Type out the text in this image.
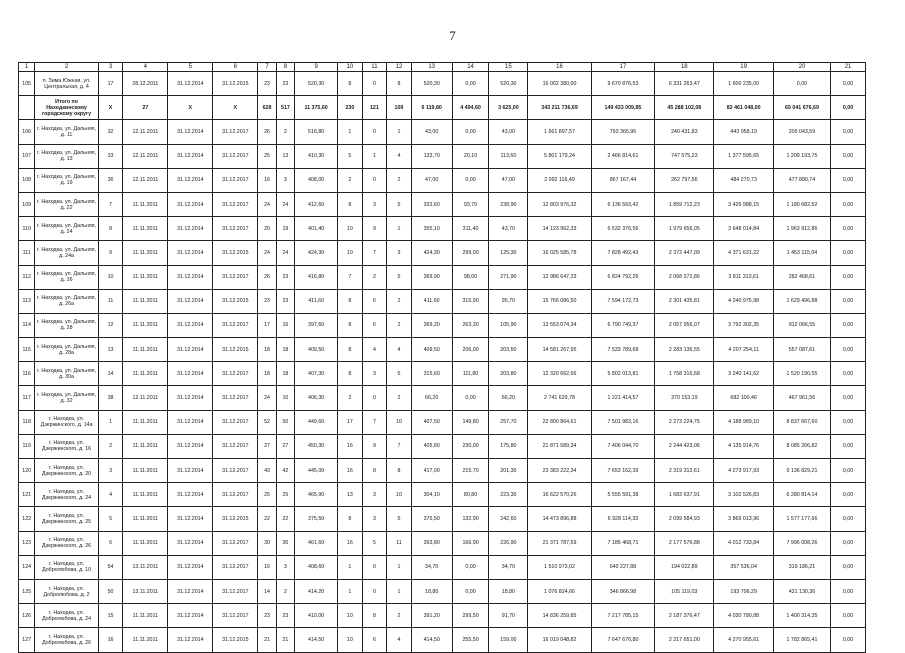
7
1	2	3	4	5	6	7	8	9	10	11	12	13	14	15	16	17	18	19	20	21
105	п. Зима Южная, ул. Центральная, д. 4	17	28.12.2011	31.12.2014	31.12.2015	23	23	520,30	8	0	8	520,30	0,00	520,30	16 002 380,00	9 670 876,53	6 331 263,47	1 600 235,00	0,00	0,00
	Итого по Находкинскому городскому округу	X	27	X	X	628	517	11 375,60	230	121	109	6 119,80	4 494,60	3 625,00	343 211 736,69	149 433 009,85	45 288 102,08	83 461 048,00	65 041 676,69	0,00
106	г. Находка, ул. Дальняя, д. 11	32	12.11.2011	31.12.2014	31.12.2017	26	2	516,80	1	0	1	43,00	0,00	43,00	1 661 897,57	793 365,96	240 431,83	443 058,19	205 043,59	0,00
107	г. Находка, ул. Дальняя, д. 13	33	12.11.2011	31.12.2014	31.12.2017	25	13	410,30	5	1	4	133,70	20,10	113,60	5 801 179,24	2 466 814,61	747 575,23	1 377 595,65	1 209 193,75	0,00
108	г. Находка, ул. Дальняя, д. 19	36	12.11.2011	31.12.2014	31.12.2017	16	3	408,00	2	0	2	47,00	0,00	47,00	2 092 116,49	867 167,44	262 797,56	484 270,73	477 880,74	0,00
109	г. Находка, ул. Дальняя, д. 22	7	11.11.2011	31.12.2014	31.12.2017	24	24	412,60	8	3	5	332,60	93,70	238,90	12 803 976,32	6 136 593,42	1 859 712,23	3 426 988,15	1 180 682,52	0,00
110	г. Находка, ул. Дальняя, д. 24	8	11.11.2011	31.12.2014	31.12.2017	20	19	401,40	10	9	1	355,10	311,40	43,70	14 123 962,33	6 532 376,56	1 979 656,05	3 648 014,84	1 963 912,86	0,00
111	г. Находка, ул. Дальняя, д. 24а	9	11.11.2011	31.12.2014	31.12.2015	24	24	424,30	10	7	3	424,30	299,00	125,30	16 025 585,78	7 828 492,43	2 372 447,09	4 371 631,22	1 453 115,04	0,00
112	г. Находка, ул. Дальняя, д. 26	10	11.11.2011	31.12.2014	31.12.2017	26	23	416,80	7	2	5	369,90	98,00	271,90	12 986 647,33	6 824 792,26	2 068 272,86	3 811 313,61	282 468,61	0,00
113	г. Находка, ул. Дальняя, д. 26а	11	11.11.2011	31.12.2014	31.12.2015	23	23	411,60	8	6	2	411,60	315,90	95,70	15 766 086,50	7 594 172,73	2 301 435,81	4 240 975,98	1 629 496,88	0,00
114	г. Находка, ул. Дальняя, д. 28	12	11.11.2011	31.12.2014	31.12.2017	17	16	397,60	8	6	2	369,20	263,30	105,90	13 553 074,34	6 790 749,37	2 057 956,07	3 792 302,35	912 066,55	0,00
115	г. Находка, ул. Дальняя, д. 28а	13	11.11.2011	31.12.2014	31.12.2015	18	18	409,50	8	4	4	409,50	206,00	203,50	14 581 267,95	7 533 789,68	2 283 136,55	4 207 254,11	557 087,61	0,00
116	г. Находка, ул. Дальняя, д. 30а	14	11.11.2011	31.12.2014	31.12.2017	18	18	407,30	8	3	5	315,60	111,80	203,80	12 320 662,66	5 802 013,81	1 758 316,68	3 240 141,62	1 520 190,55	0,00
117	г. Находка, ул. Дальняя, д. 32	38	12.11.2011	31.12.2014	31.12.2017	24	10	406,30	2	0	2	66,20	0,00	66,20	2 741 629,78	1 221 414,57	370 153,19	682 100,46	467 961,56	0,00
118	г. Находка, ул. Дзержинского, д. 14а	1	11.11.2011	31.12.2014	31.12.2017	52	50	449,60	17	7	10	407,50	149,80	257,70	22 800 864,61	7 501 983,16	2 273 224,75	4 188 989,10	8 837 667,60	0,00
119	г. Находка, ул. Дзержинского, д. 16	2	11.11.2011	31.12.2014	31.12.2017	27	27	450,30	16	9	7	405,80	230,00	175,80	21 871 589,34	7 406 044,70	2 244 423,06	4 135 914,76	8 085 206,82	0,00
120	г. Находка, ул. Дзержинского, д. 20	3	11.11.2011	31.12.2014	31.12.2017	43	42	445,00	16	8	8	417,00	215,70	201,30	23 383 222,34	7 653 162,39	2 319 312,61	4 273 917,93	9 136 829,21	0,00
121	г. Находка, ул. Дзержинского, д. 24	4	11.11.2011	31.12.2014	31.12.2017	25	25	465,90	13	3	10	304,10	80,80	223,30	16 622 570,26	5 555 591,38	1 683 637,91	3 102 526,83	6 280 814,14	0,00
122	г. Находка, ул. Дзержинского, д. 25	5	11.11.2011	31.12.2014	31.12.2015	22	22	375,50	8	3	5	375,50	132,90	242,60	14 473 896,88	6 928 114,33	2 099 584,93	3 869 013,96	1 577 177,66	0,00
123	г. Находка, ул. Дзержинского, д. 26	6	11.11.2011	31.12.2014	31.12.2017	30	30	461,60	16	5	11	393,80	166,90	226,90	21 371 787,69	7 185 468,71	2 177 576,88	4 012 733,84	7 996 008,26	0,00
124	г. Находка, ул. Добролюбова, д. 10	54	13.11.2011	31.12.2014	31.12.2017	16	3	408,60	1	0	1	34,70	0,00	34,70	1 510 973,02	640 227,88	194 022,89	357 536,04	319 186,21	0,00
125	г. Находка, ул. Добролюбова, д. 2	50	13.11.2011	31.12.2014	31.12.2017	14	2	414,20	1	0	1	18,80	0,00	18,80	1 076 824,66	346 866,98	105 119,03	193 706,29	431 130,36	0,00
126	г. Находка, ул. Добролюбова, д. 24	15	11.11.2011	31.12.2014	31.12.2017	23	23	410,00	10	8	2	391,20	299,50	91,70	14 836 259,85	7 217 785,15	2 187 376,47	4 030 780,88	1 400 314,35	0,00
127	г. Находка, ул. Добролюбова, д. 26	16	11.11.2011	31.12.2014	31.12.2015	21	21	414,50	10	6	4	414,50	255,50	159,00	16 019 048,82	7 647 676,80	2 317 651,00	4 270 955,61	1 782 865,41	0,00
